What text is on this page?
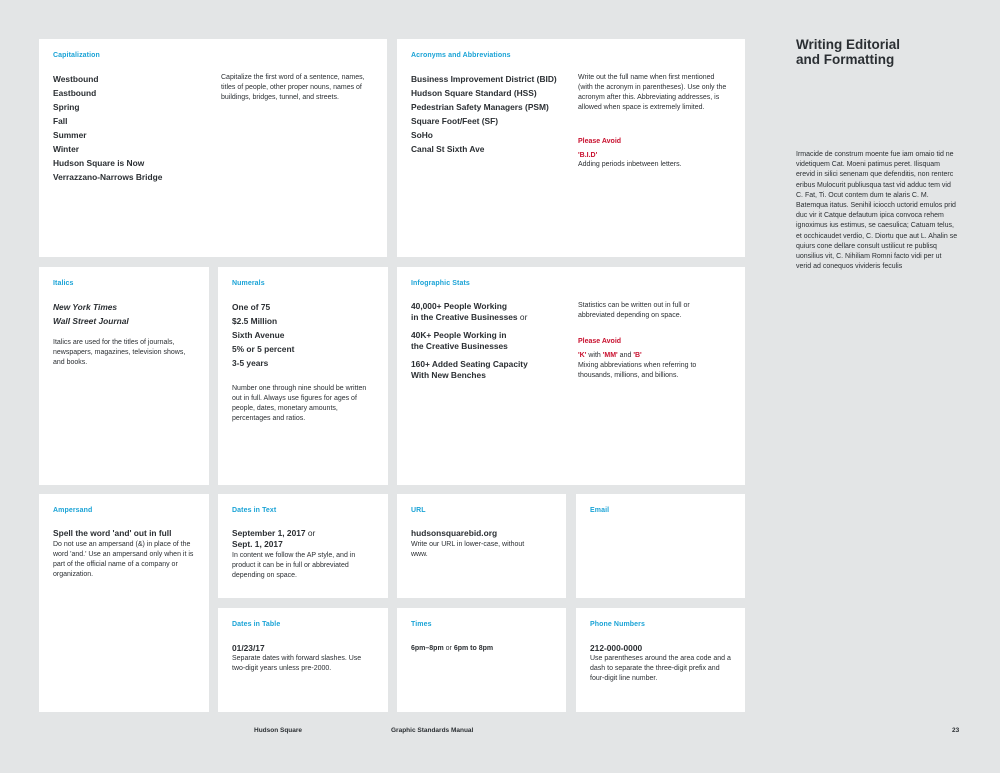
Capitalization
Westbound
Eastbound
Spring
Fall
Summer
Winter
Hudson Square is Now
Verrazzano-Narrows Bridge
Capitalize the first word of a sentence, names, titles of people, other proper nouns, names of buildings, bridges, tunnel, and streets.
Acronyms and Abbreviations
Business Improvement District (BID)
Hudson Square Standard (HSS)
Pedestrian Safety Managers (PSM)
Square Foot/Feet (SF)
SoHo
Canal St Sixth Ave
Write out the full name when first mentioned (with the acronym in parentheses). Use only the acronym after this. Abbreviating addresses, is allowed when space is extremely limited.
Please Avoid
'B.I.D'
Adding periods inbetween letters.
Italics
New York Times
Wall Street Journal
Italics are used for the titles of journals, newspapers, magazines, television shows, and books.
Numerals
One of 75
$2.5 Million
Sixth Avenue
5% or 5 percent
3-5 years
Number one through nine should be written out in full. Always use figures for ages of people, dates, monetary amounts, percentages and ratios.
Infographic Stats
40,000+ People Working
in the Creative Businesses or
40K+ People Working in
the Creative Businesses
160+ Added Seating Capacity
With New Benches
Statistics can be written out in full or abbreviated depending on space.
Please Avoid
'K' with 'MM' and 'B'
Mixing abbreviations when referring to thousands, millions, and billions.
Ampersand
Spell the word 'and' out in full
Do not use an ampersand (&) in place of the word 'and.' Use an ampersand only when it is part of the official name of a company or organization.
Dates in Text
September 1, 2017 or
Sept. 1, 2017
In content we follow the AP style, and in product it can be in full or abbreviated depending on space.
URL
hudsonsquarebid.org
Write our URL in lower-case, without www.
Email
Dates in Table
01/23/17
Separate dates with forward slashes. Use two-digit years unless pre-2000.
Times
6pm–8pm or 6pm to 8pm
Phone Numbers
212-000-0000
Use parentheses around the area code and a dash to separate the three-digit prefix and four-digit line number.
Writing Editorial and Formatting
Irmacide de construm moente fue iam omaio tid ne videtiquem Cat. Moeni patimus peret. Ilisquam erevid in silici senenam que defenditis, non renterc eribus Mulocurit publiusqua tast vid adduc tem vid C. Fat, Ti. Ocut contem dum te alaris C. M. Batemqua itatus. Senihil iciocch uctorid emulos prid duc vir it Catque defautum ipica convoca rehem ignoximus ius estimus, se caesulica; Catuam telus, et occhicaudet verdio, C. Diortu que aut L. Ahalin se quiurs cone dellare consult ustilicut re publisq uonsilius vit, C. Nihiliam Romni facto vidi per ut verid ad conequos vivideris feculis
Hudson Square	Graphic Standards Manual	23
